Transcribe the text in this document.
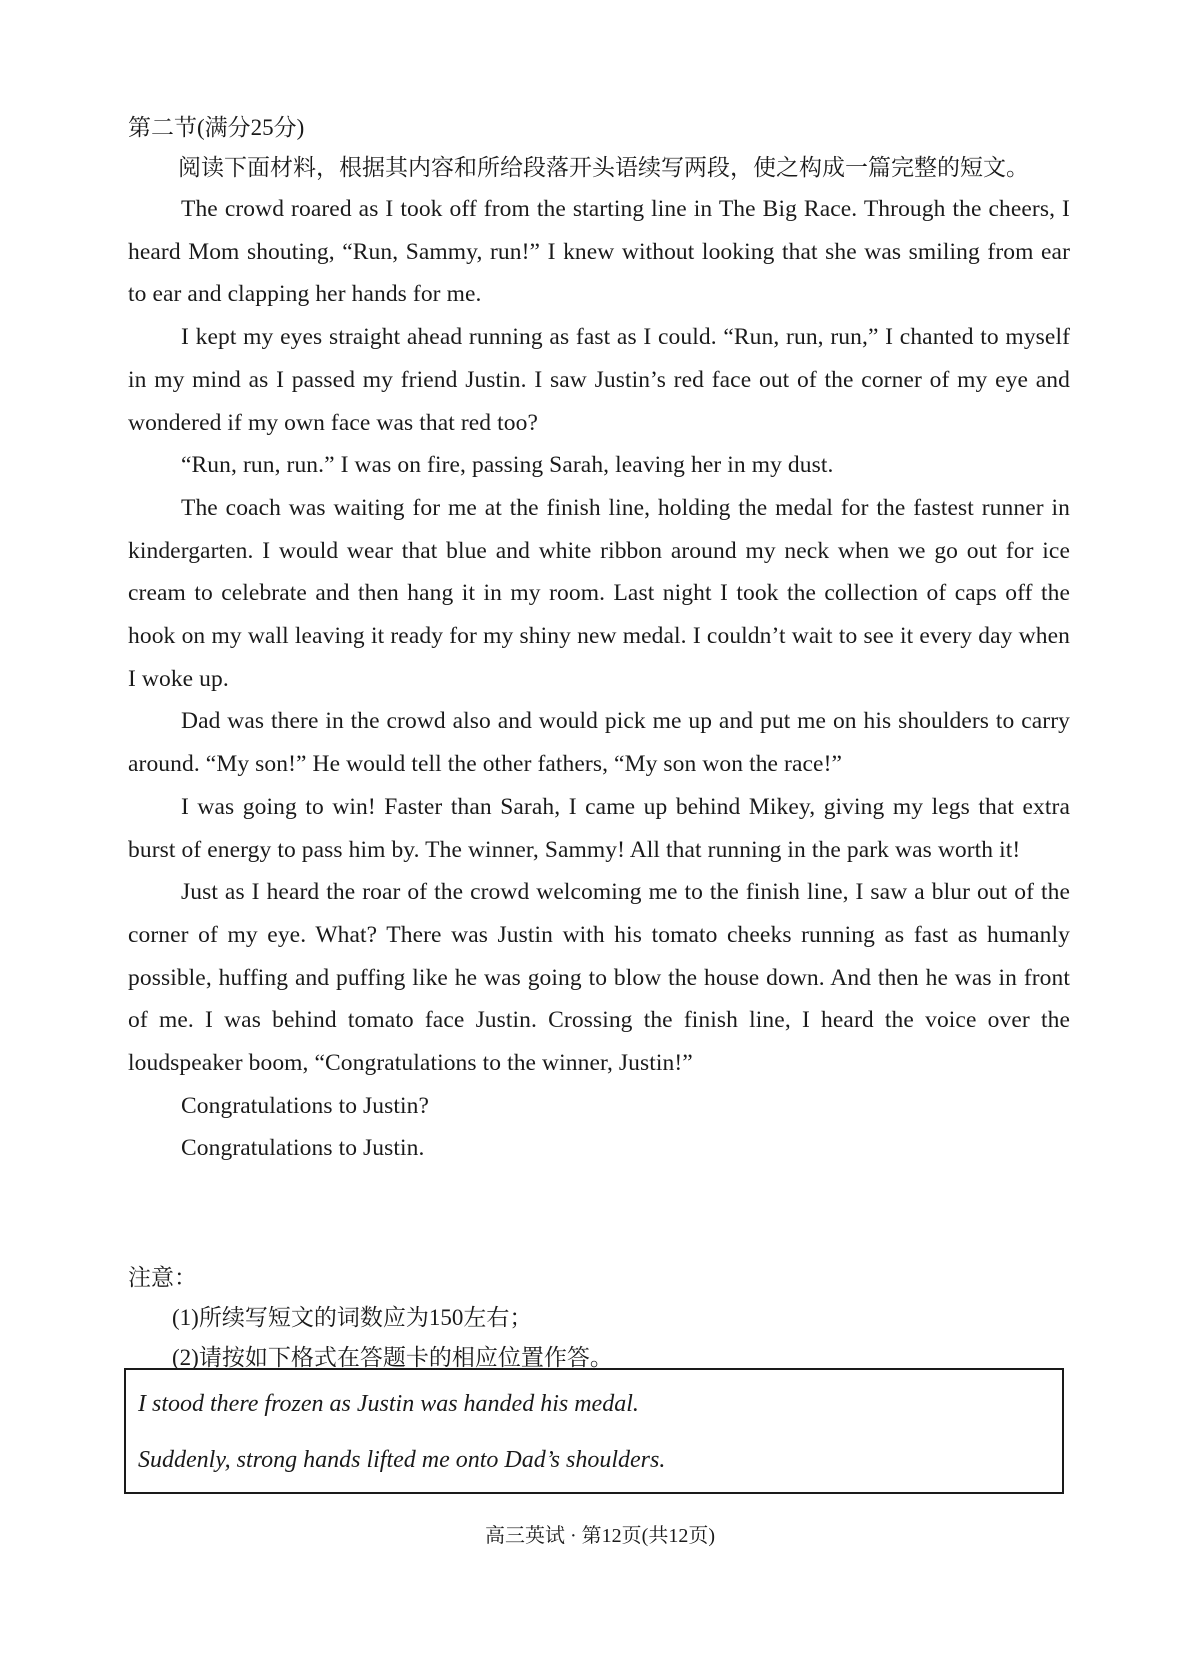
第二节(满分25分)

阅读下面材料，根据其内容和所给段落开头语续写两段，使之构成一篇完整的短文。

The crowd roared as I took off from the starting line in The Big Race. Through the cheers, I heard Mom shouting, “Run, Sammy, run!” I knew without looking that she was smiling from ear to ear and clapping her hands for me.

I kept my eyes straight ahead running as fast as I could. “Run, run, run,” I chanted to myself in my mind as I passed my friend Justin. I saw Justin’s red face out of the corner of my eye and wondered if my own face was that red too?

“Run, run, run.” I was on fire, passing Sarah, leaving her in my dust.

The coach was waiting for me at the finish line, holding the medal for the fastest runner in kindergarten. I would wear that blue and white ribbon around my neck when we go out for ice cream to celebrate and then hang it in my room. Last night I took the collection of caps off the hook on my wall leaving it ready for my shiny new medal. I couldn’t wait to see it every day when I woke up.

Dad was there in the crowd also and would pick me up and put me on his shoulders to carry around. “My son!” He would tell the other fathers, “My son won the race!”

I was going to win! Faster than Sarah, I came up behind Mikey, giving my legs that extra burst of energy to pass him by. The winner, Sammy! All that running in the park was worth it!

Just as I heard the roar of the crowd welcoming me to the finish line, I saw a blur out of the corner of my eye. What? There was Justin with his tomato cheeks running as fast as humanly possible, huffing and puffing like he was going to blow the house down. And then he was in front of me. I was behind tomato face Justin. Crossing the finish line, I heard the voice over the loudspeaker boom, “Congratulations to the winner, Justin!”

Congratulations to Justin?

Congratulations to Justin.

注意：

(1)所续写短文的词数应为150左右；

(2)请按如下格式在答题卡的相应位置作答。

I stood there frozen as Justin was handed his medal.

Suddenly, strong hands lifted me onto Dad’s shoulders.

高三英试 · 第12页(共12页)
